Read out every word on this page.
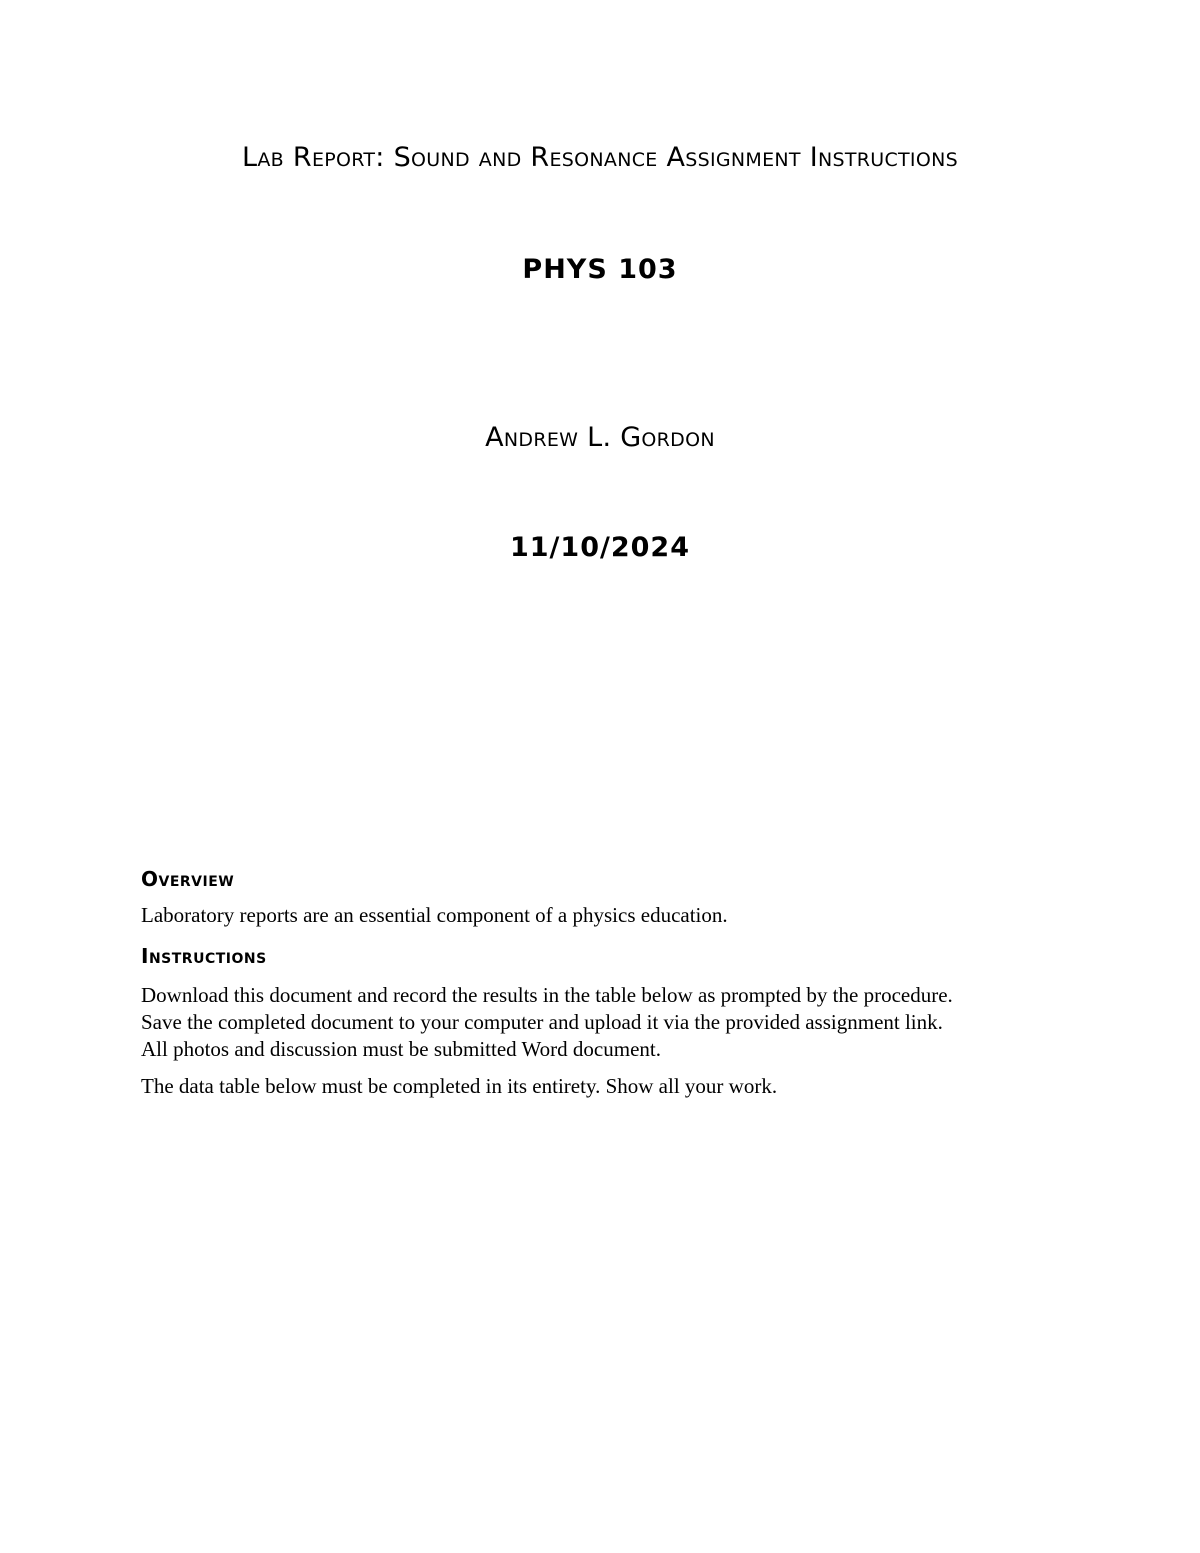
Lab Report: Sound and Resonance Assignment Instructions
PHYS 103
Andrew L. Gordon
11/10/2024
Overview

Laboratory reports are an essential component of a physics education.

Instructions

Download this document and record the results in the table below as prompted by the procedure.

Save the completed document to your computer and upload it via the provided assignment link.

All photos and discussion must be submitted Word document.

The data table below must be completed in its entirety. Show all your work.
